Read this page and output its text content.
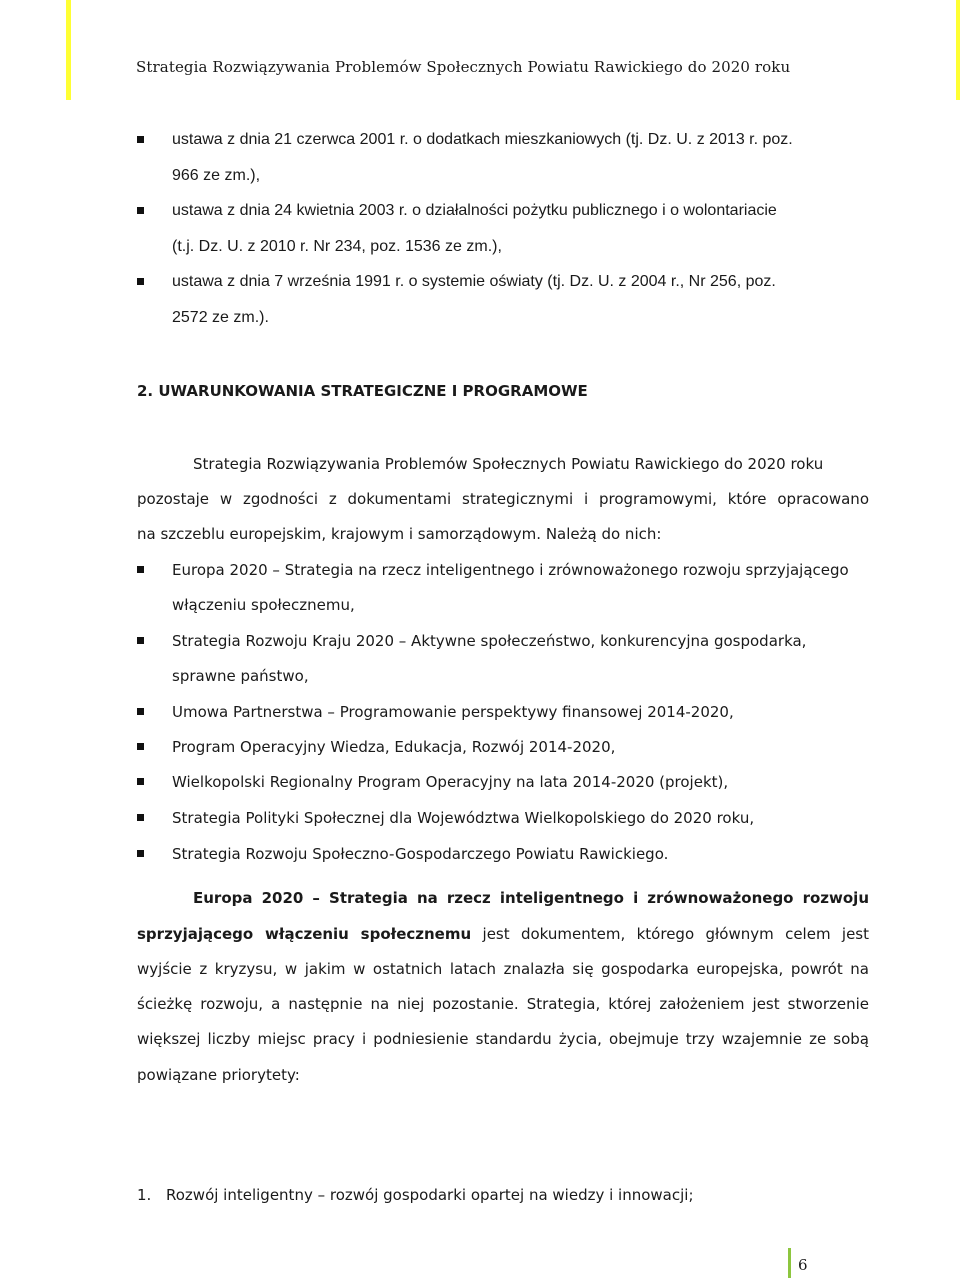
Strategia Rozwiązywania Problemów Społecznych Powiatu Rawickiego do 2020 roku
ustawa z dnia 21 czerwca 2001 r. o dodatkach mieszkaniowych (tj. Dz. U. z 2013 r. poz.
966 ze zm.),
ustawa z dnia 24 kwietnia 2003 r. o działalności pożytku publicznego i o wolontariacie
(t.j. Dz. U. z 2010 r. Nr 234, poz. 1536 ze zm.),
ustawa z dnia 7 września 1991 r. o systemie oświaty (tj. Dz. U. z 2004 r., Nr 256, poz.
2572 ze zm.).
2. UWARUNKOWANIA STRATEGICZNE I PROGRAMOWE
Strategia Rozwiązywania Problemów Społecznych Powiatu Rawickiego do 2020 roku
pozostaje w zgodności z dokumentami strategicznymi i programowymi, które opracowano
na szczeblu europejskim, krajowym i samorządowym. Należą do nich:
Europa 2020 – Strategia na rzecz inteligentnego i zrównoważonego rozwoju sprzyjającego
włączeniu społecznemu,
Strategia Rozwoju Kraju 2020 – Aktywne społeczeństwo, konkurencyjna gospodarka,
sprawne państwo,
Umowa Partnerstwa – Programowanie perspektywy finansowej 2014-2020,
Program Operacyjny Wiedza, Edukacja, Rozwój 2014-2020,
Wielkopolski Regionalny Program Operacyjny na lata 2014-2020 (projekt),
Strategia Polityki Społecznej dla Województwa Wielkopolskiego do 2020 roku,
Strategia Rozwoju Społeczno-Gospodarczego Powiatu Rawickiego.
Europa 2020 – Strategia na rzecz inteligentnego i zrównoważonego rozwoju
sprzyjającego włączeniu społecznemu jest dokumentem, którego głównym celem jest
wyjście z kryzysu, w jakim w ostatnich latach znalazła się gospodarka europejska, powrót na
ścieżkę rozwoju, a następnie na niej pozostanie. Strategia, której założeniem jest stworzenie
większej liczby miejsc pracy i podniesienie standardu życia, obejmuje trzy wzajemnie ze sobą
powiązane priorytety:
1. Rozwój inteligentny – rozwój gospodarki opartej na wiedzy i innowacji;
6
